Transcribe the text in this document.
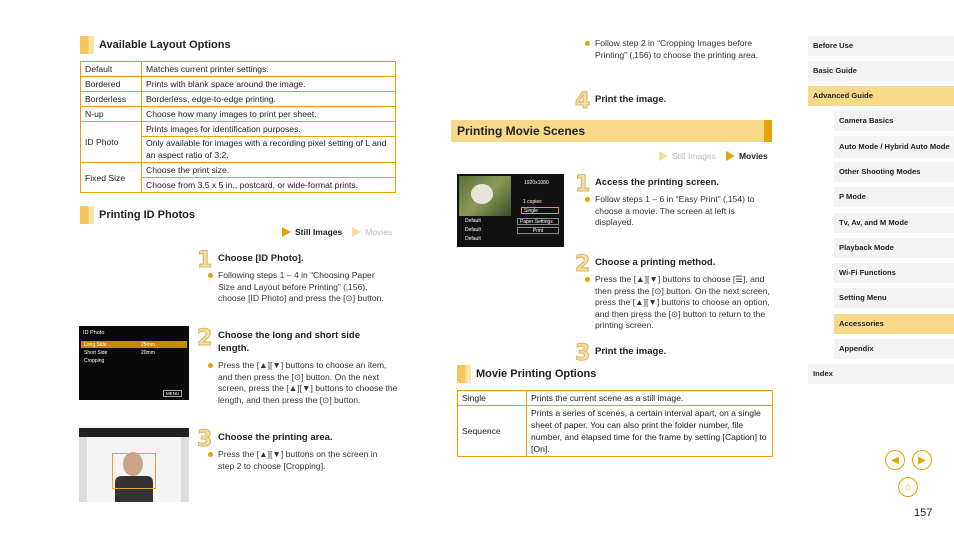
Available Layout Options
Default	Matches current printer settings.
Bordered	Prints with blank space around the image.
Borderless	Borderless, edge-to-edge printing.
N-up	Choose how many images to print per sheet.
ID Photo	Prints images for identification purposes.
	Only available for images with a recording pixel setting of L and an aspect ratio of 3:2.
Fixed Size	Choose the print size.
	Choose from 3.5 x 5 in., postcard, or wide-format prints.
Printing ID Photos
Still Images	Movies
1 Choose [ID Photo].
Following steps 1 – 4 in “Choosing Paper Size and Layout before Printing” (‚156), choose [ID Photo] and press the [⊙] button.
ID Photo
Long Side	25mm
Short Side	20mm
Cropping
MENU
2 Choose the long and short side length.
Press the [▲][▼] buttons to choose an item, and then press the [⊙] button. On the next screen, press the [▲][▼] buttons to choose the length, and then press the [⊙] button.
3 Choose the printing area.
Press the [▲][▼] buttons on the screen in step 2 to choose [Cropping].
Follow step 2 in “Cropping Images before Printing” (‚156) to choose the printing area.
4 Print the image.
Printing Movie Scenes
Still Images	Movies
1920x1080
1 copies
Single
Paper Settings
Print
Default
Default
Default
1 Access the printing screen.
Follow steps 1 – 6 in “Easy Print” (‚154) to choose a movie. The screen at left is displayed.
2 Choose a printing method.
Press the [▲][▼] buttons to choose [☰], and then press the [⊙] button. On the next screen, press the [▲][▼] buttons to choose an option, and then press the [⊙] button to return to the printing screen.
3 Print the image.
Movie Printing Options
Single	Prints the current scene as a still image.
Sequence	Prints a series of scenes, a certain interval apart, on a single sheet of paper. You can also print the folder number, file number, and elapsed time for the frame by setting [Caption] to [On].
Before Use
Basic Guide
Advanced Guide
Camera Basics
Auto Mode / Hybrid Auto Mode
Other Shooting Modes
P Mode
Tv, Av, and M Mode
Playback Mode
Wi-Fi Functions
Setting Menu
Accessories
Appendix
Index
◀ ▶
⌂
157
